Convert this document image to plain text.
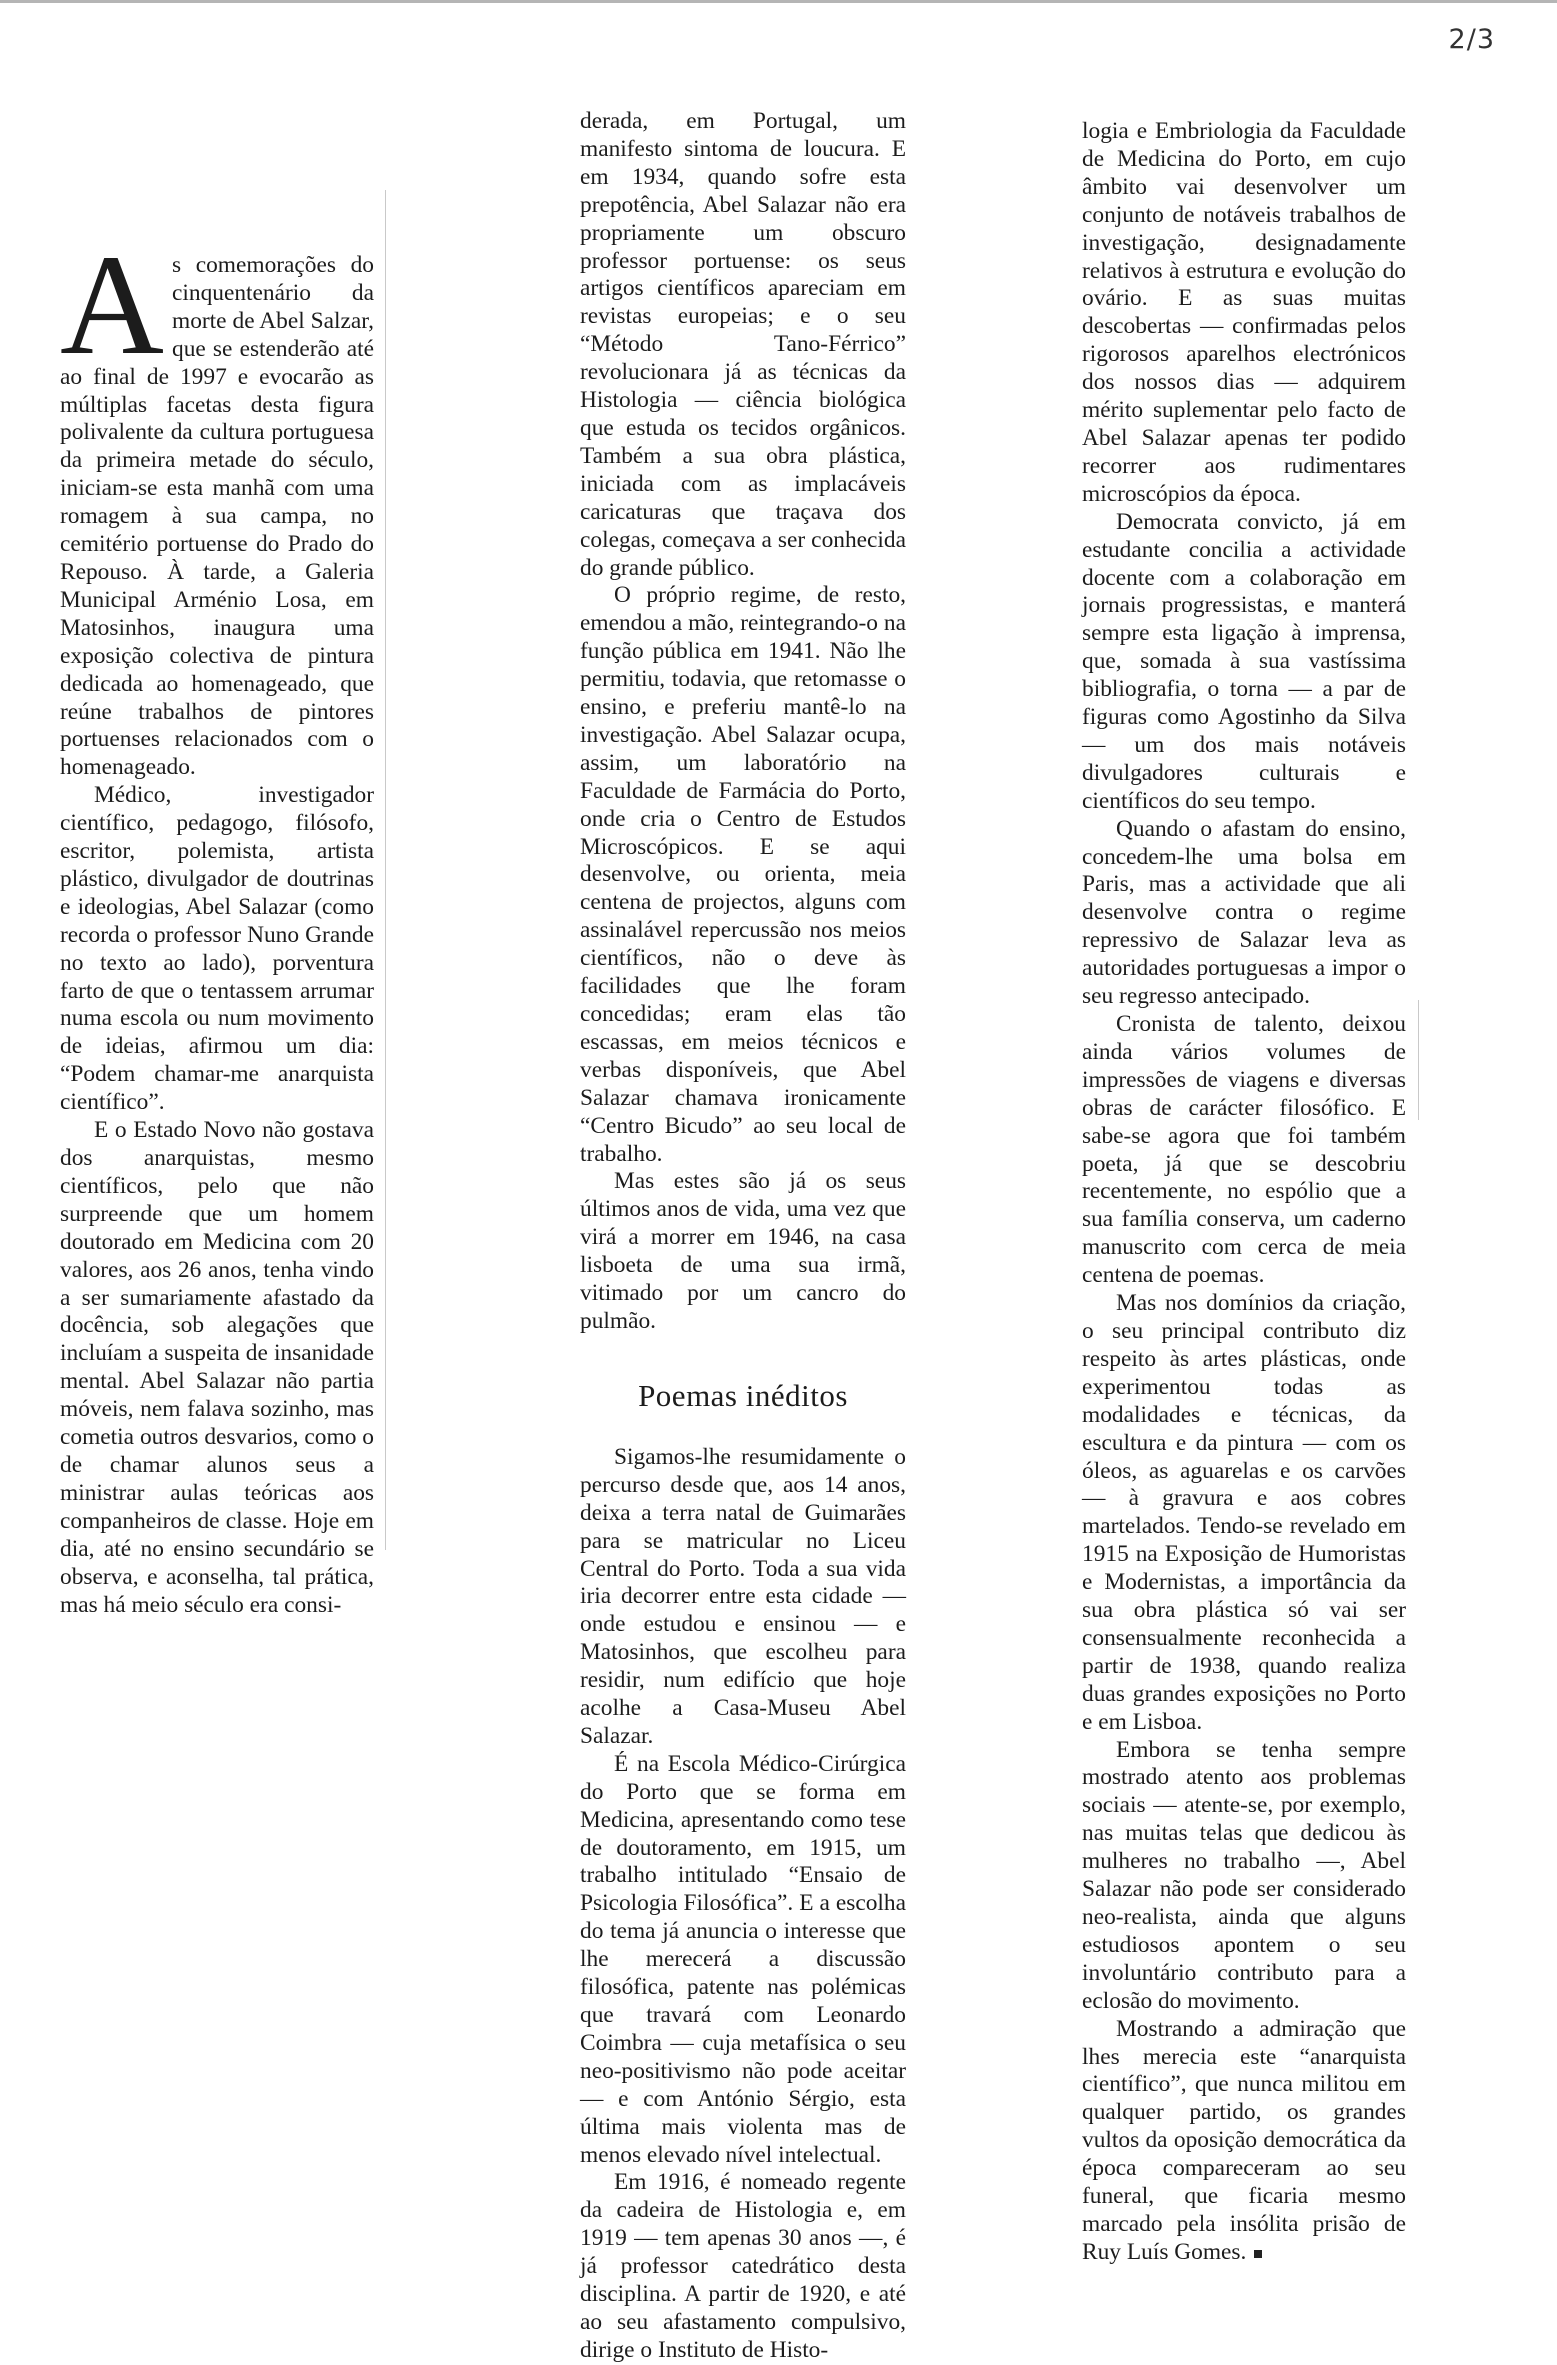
2/3

As comemorações do cinquentenário da morte de Abel Salzar, que se estenderão até ao final de 1997 e evocarão as múltiplas facetas desta figura polivalente da cultura portuguesa da primeira metade do século, iniciam-se esta manhã com uma romagem à sua campa, no cemitério portuense do Prado do Repouso. À tarde, a Galeria Municipal Arménio Losa, em Matosinhos, inaugura uma exposição colectiva de pintura dedicada ao homenageado, que reúne trabalhos de pintores portuenses relacionados com o homenageado.

Médico, investigador científico, pedagogo, filósofo, escritor, polemista, artista plástico, divulgador de doutrinas e ideologias, Abel Salazar (como recorda o professor Nuno Grande no texto ao lado), porventura farto de que o tentassem arrumar numa escola ou num movimento de ideias, afirmou um dia: “Podem chamar-me anarquista científico”.

E o Estado Novo não gostava dos anarquistas, mesmo científicos, pelo que não surpreende que um homem doutorado em Medicina com 20 valores, aos 26 anos, tenha vindo a ser sumariamente afastado da docência, sob alegações que incluíam a suspeita de insanidade mental. Abel Salazar não partia móveis, nem falava sozinho, mas cometia outros desvarios, como o de chamar alunos seus a ministrar aulas teóricas aos companheiros de classe. Hoje em dia, até no ensino secundário se observa, e aconselha, tal prática, mas há meio século era consi-

derada, em Portugal, um manifesto sintoma de loucura. E em 1934, quando sofre esta prepotência, Abel Salazar não era propriamente um obscuro professor portuense: os seus artigos científicos apareciam em revistas europeias; e o seu “Método Tano-Férrico” revolucionara já as técnicas da Histologia — ciência biológica que estuda os tecidos orgânicos. Também a sua obra plástica, iniciada com as implacáveis caricaturas que traçava dos colegas, começava a ser conhecida do grande público.

O próprio regime, de resto, emendou a mão, reintegrando-o na função pública em 1941. Não lhe permitiu, todavia, que retomasse o ensino, e preferiu mantê-lo na investigação. Abel Salazar ocupa, assim, um laboratório na Faculdade de Farmácia do Porto, onde cria o Centro de Estudos Microscópicos. E se aqui desenvolve, ou orienta, meia centena de projectos, alguns com assinalável repercussão nos meios científicos, não o deve às facilidades que lhe foram concedidas; eram elas tão escassas, em meios técnicos e verbas disponíveis, que Abel Salazar chamava ironicamente “Centro Bicudo” ao seu local de trabalho.

Mas estes são já os seus últimos anos de vida, uma vez que virá a morrer em 1946, na casa lisboeta de uma sua irmã, vitimado por um cancro do pulmão.

Poemas inéditos

Sigamos-lhe resumidamente o percurso desde que, aos 14 anos, deixa a terra natal de Guimarães para se matricular no Liceu Central do Porto. Toda a sua vida iria decorrer entre esta cidade — onde estudou e ensinou — e Matosinhos, que escolheu para residir, num edifício que hoje acolhe a Casa-Museu Abel Salazar.

É na Escola Médico-Cirúrgica do Porto que se forma em Medicina, apresentando como tese de doutoramento, em 1915, um trabalho intitulado “Ensaio de Psicologia Filosófica”. E a escolha do tema já anuncia o interesse que lhe merecerá a discussão filosófica, patente nas polémicas que travará com Leonardo Coimbra — cuja metafísica o seu neo-positivismo não pode aceitar — e com António Sérgio, esta última mais violenta mas de menos elevado nível intelectual.

Em 1916, é nomeado regente da cadeira de Histologia e, em 1919 — tem apenas 30 anos —, é já professor catedrático desta disciplina. A partir de 1920, e até ao seu afastamento compulsivo, dirige o Instituto de Histo-

logia e Embriologia da Faculdade de Medicina do Porto, em cujo âmbito vai desenvolver um conjunto de notáveis trabalhos de investigação, designadamente relativos à estrutura e evolução do ovário. E as suas muitas descobertas — confirmadas pelos rigorosos aparelhos electrónicos dos nossos dias — adquirem mérito suplementar pelo facto de Abel Salazar apenas ter podido recorrer aos rudimentares microscópios da época.

Democrata convicto, já em estudante concilia a actividade docente com a colaboração em jornais progressistas, e manterá sempre esta ligação à imprensa, que, somada à sua vastíssima bibliografia, o torna — a par de figuras como Agostinho da Silva — um dos mais notáveis divulgadores culturais e científicos do seu tempo.

Quando o afastam do ensino, concedem-lhe uma bolsa em Paris, mas a actividade que ali desenvolve contra o regime repressivo de Salazar leva as autoridades portuguesas a impor o seu regresso antecipado.

Cronista de talento, deixou ainda vários volumes de impressões de viagens e diversas obras de carácter filosófico. E sabe-se agora que foi também poeta, já que se descobriu recentemente, no espólio que a sua família conserva, um caderno manuscrito com cerca de meia centena de poemas.

Mas nos domínios da criação, o seu principal contributo diz respeito às artes plásticas, onde experimentou todas as modalidades e técnicas, da escultura e da pintura — com os óleos, as aguarelas e os carvões — à gravura e aos cobres martelados. Tendo-se revelado em 1915 na Exposição de Humoristas e Modernistas, a importância da sua obra plástica só vai ser consensualmente reconhecida a partir de 1938, quando realiza duas grandes exposições no Porto e em Lisboa.

Embora se tenha sempre mostrado atento aos problemas sociais — atente-se, por exemplo, nas muitas telas que dedicou às mulheres no trabalho —, Abel Salazar não pode ser considerado neo-realista, ainda que alguns estudiosos apontem o seu involuntário contributo para a eclosão do movimento.

Mostrando a admiração que lhes merecia este “anarquista científico”, que nunca militou em qualquer partido, os grandes vultos da oposição democrática da época compareceram ao seu funeral, que ficaria mesmo marcado pela insólita prisão de Ruy Luís Gomes.
